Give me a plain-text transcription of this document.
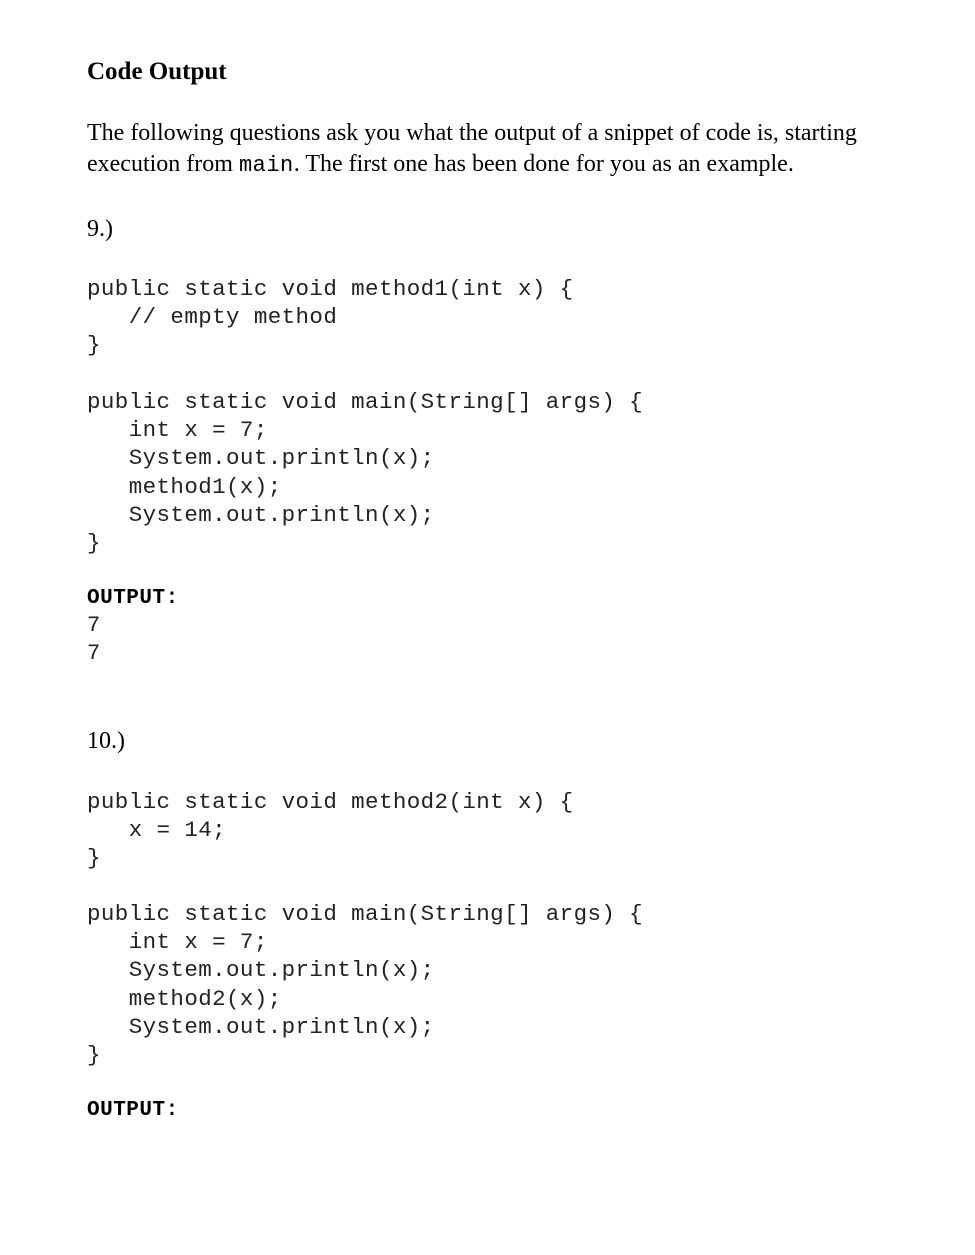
Code Output
The following questions ask you what the output of a snippet of code is, starting
execution from main. The first one has been done for you as an example.
9.)
public static void method1(int x) {
// empty method
}
public static void main(String[] args) {
int x = 7;
System.out.println(x);
method1(x);
System.out.println(x);
}
OUTPUT:
7
7
10.)
public static void method2(int x) {
x = 14;
}
public static void main(String[] args) {
int x = 7;
System.out.println(x);
method2(x);
System.out.println(x);
}
OUTPUT:
